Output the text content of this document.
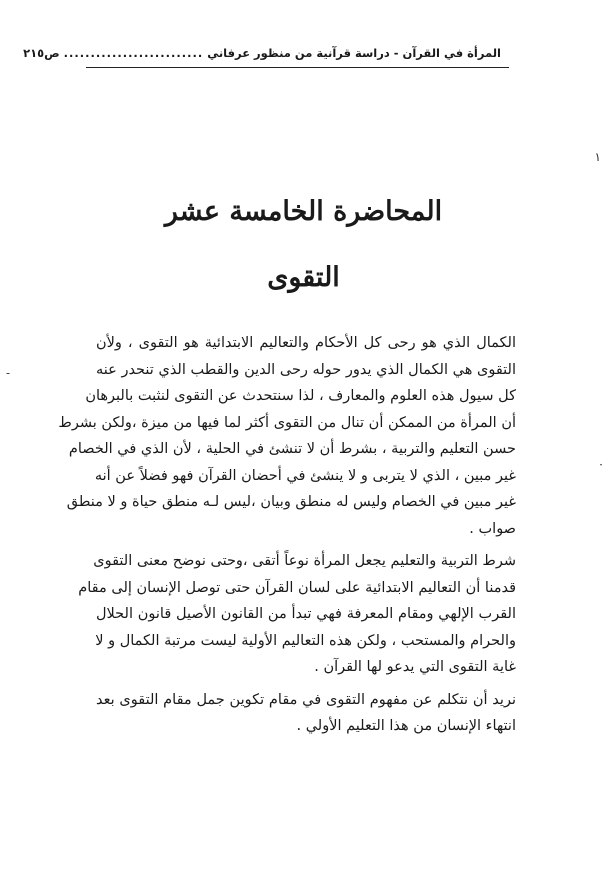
المرأة في القرآن - دراسة قرآنية من منظور عرفاني
..........................
ص٢١٥
١
-
·
المحاضرة الخامسة عشر
التقوى
الكمال الذي هو رحى كل الأحكام والتعاليم الابتدائية هو التقوى ، ولأن
التقوى هي الكمال الذي يدور حوله رحى الدين والقطب الذي تنحدر عنه
كل سيول هذه العلوم والمعارف ، لذا سنتحدث عن التقوى لنثبت بالبرهان
أن المرأة من الممكن أن تنال من التقوى أكثر لما فيها من ميزة ،ولكن بشرط
حسن التعليم والتربية ، بشرط أن لا تنشئ في الحلية ، لأن الذي في الخصام
غير مبين ، الذي لا يتربى و لا ينشئ في أحضان القرآن فهو فضلاً عن أنه
غير مبين في الخصام وليس له منطق وبيان ،ليس لـه منطق حياة و لا منطق
صواب .
شرط التربية والتعليم يجعل المرأة نوعاً أتقى ،وحتى نوضح معنى التقوى
قدمنا أن التعاليم الابتدائية على لسان القرآن حتى توصل الإنسان إلى مقام
القرب الإلهي ومقام المعرفة فهي تبدأ من القانون الأصيل قانون الحلال
والحرام والمستحب ، ولكن هذه التعاليم الأولية ليست مرتبة الكمال و لا
غاية التقوى التي يدعو لها القرآن .
نريد أن نتكلم عن مفهوم التقوى في مقام تكوين جمل مقام التقوى بعد
انتهاء الإنسان من هذا التعليم الأولي .
